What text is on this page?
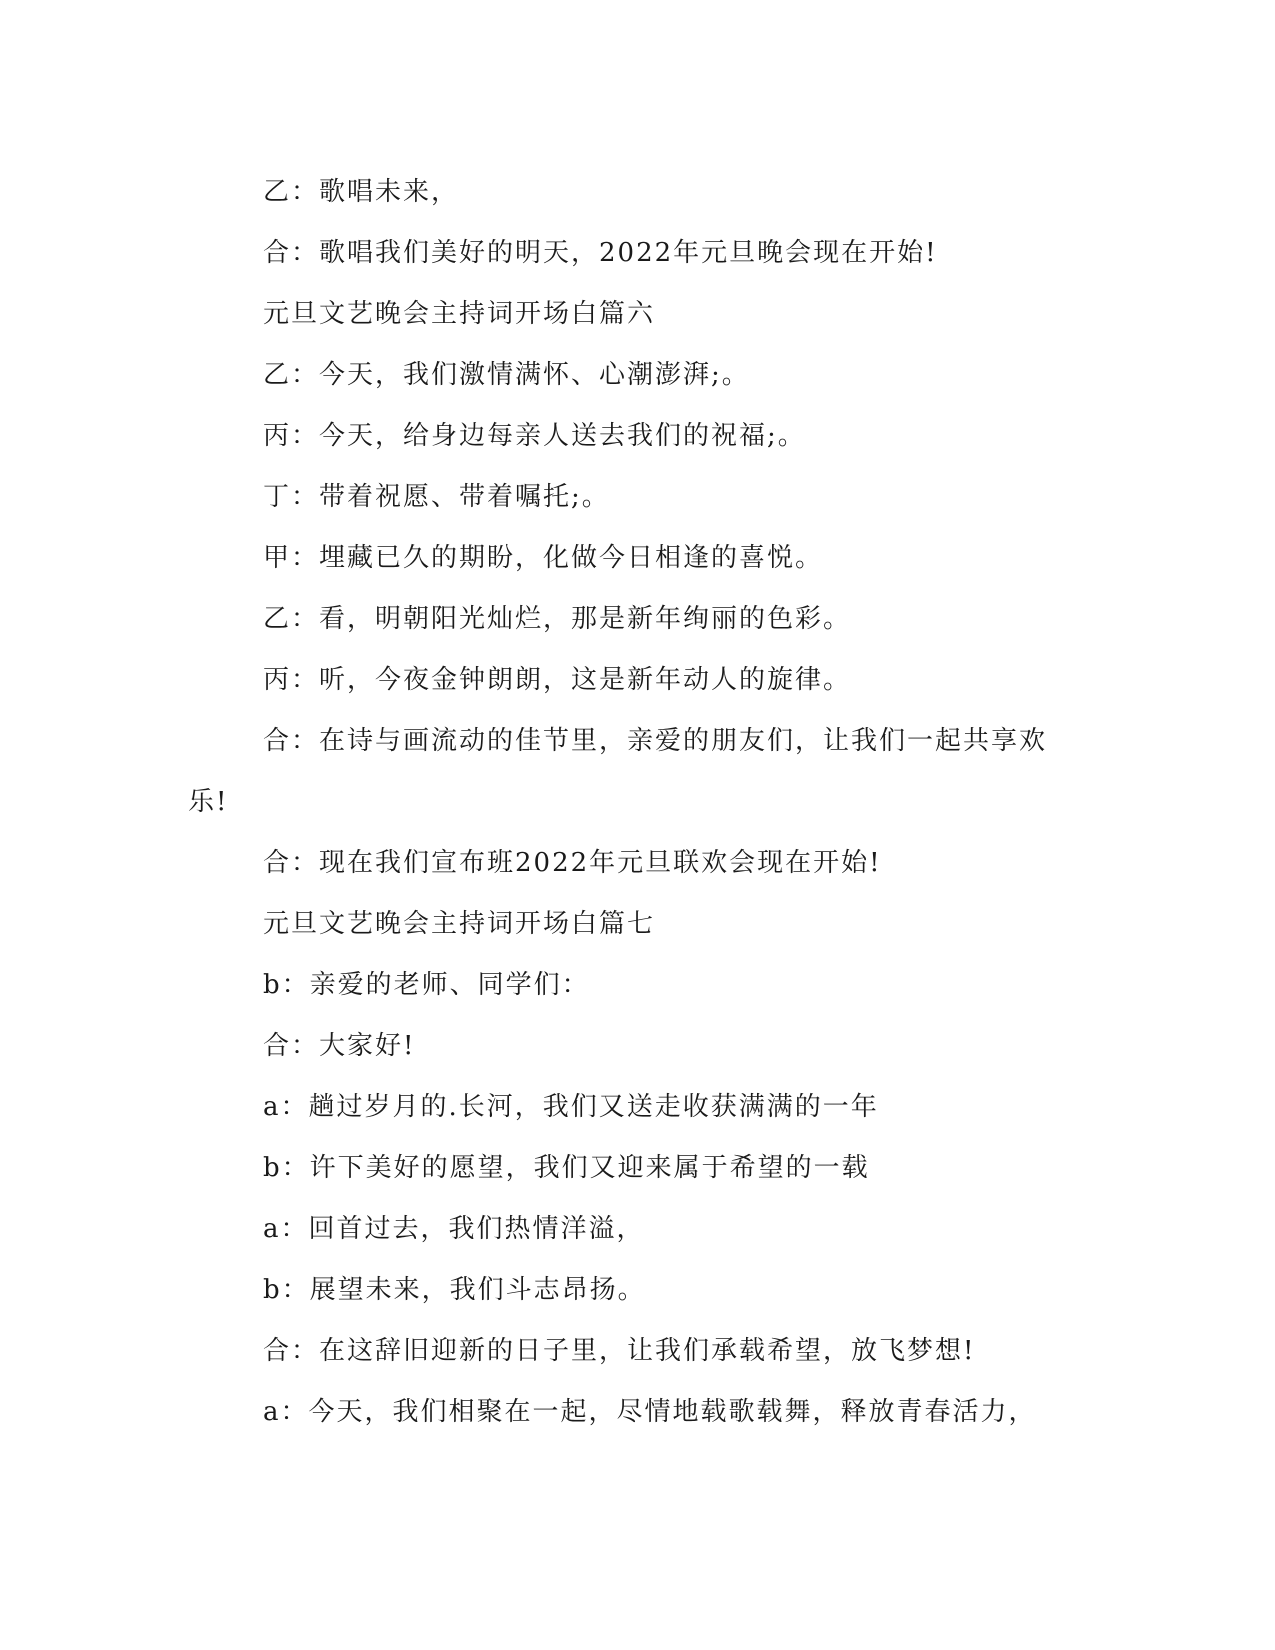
乙：歌唱未来，
合：歌唱我们美好的明天，2022年元旦晚会现在开始!
元旦文艺晚会主持词开场白篇六
乙：今天，我们激情满怀、心潮澎湃;。
丙：今天，给身边每亲人送去我们的祝福;。
丁：带着祝愿、带着嘱托;。
甲：埋藏已久的期盼，化做今日相逢的喜悦。
乙：看，明朝阳光灿烂，那是新年绚丽的色彩。
丙：听，今夜金钟朗朗，这是新年动人的旋律。
合：在诗与画流动的佳节里，亲爱的朋友们，让我们一起共享欢
乐!
合：现在我们宣布班2022年元旦联欢会现在开始!
元旦文艺晚会主持词开场白篇七
b：亲爱的老师、同学们：
合：大家好!
a：趟过岁月的.长河，我们又送走收获满满的一年
b：许下美好的愿望，我们又迎来属于希望的一载
a：回首过去，我们热情洋溢，
b：展望未来，我们斗志昂扬。
合：在这辞旧迎新的日子里，让我们承载希望，放飞梦想!
a：今天，我们相聚在一起，尽情地载歌载舞，释放青春活力，
